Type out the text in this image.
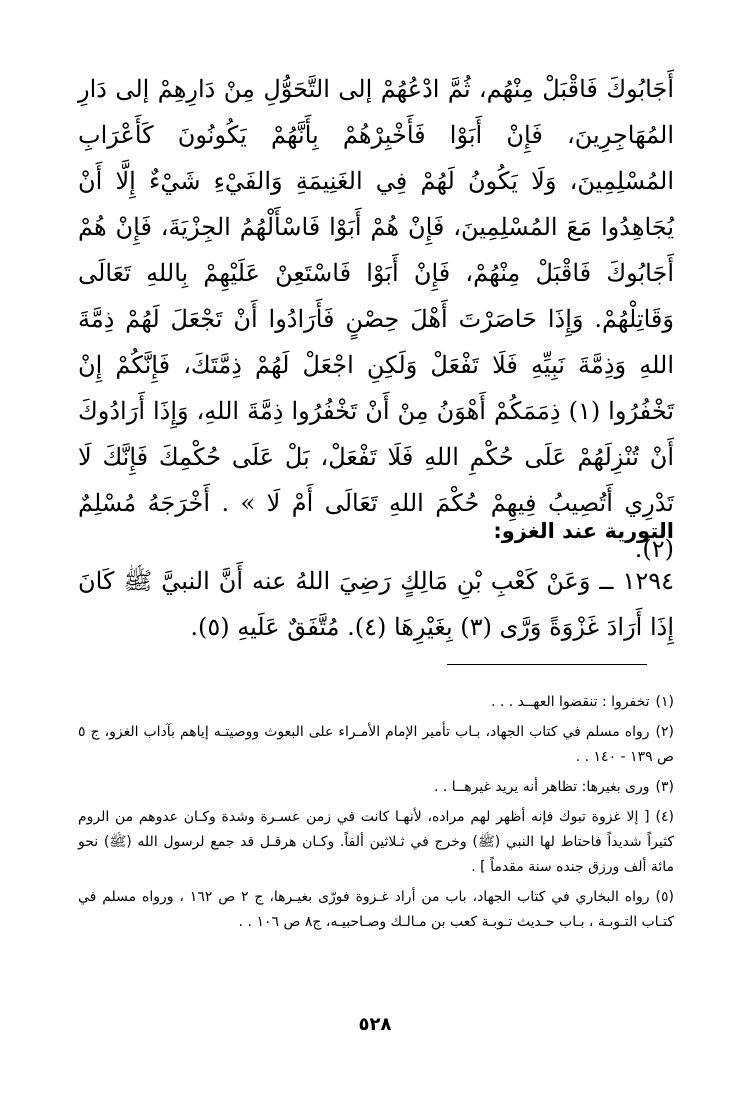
أَجَابُوكَ فَاقْبَلْ مِنْهُم، ثُمَّ ادْعُهُمْ إلى التَّحَوُّلِ مِنْ دَارِهِمْ إلى دَارِ المُهَاجِرِينَ، فَإِنْ أَبَوْا فَأَخْبِرْهُمْ بِأَنَّهُمْ يَكُونُونَ كَأَعْرَابِ المُسْلِمِينَ، وَلَا يَكُونُ لَهُمْ فِي الغَنِيمَةِ وَالفَيْءِ شَيْءٌ إِلَّا أَنْ يُجَاهِدُوا مَعَ المُسْلِمِينَ، فَإِنْ هُمْ أَبَوْا فَاسْأَلْهُمُ الجِزْيَةَ، فَإِنْ هُمْ أَجَابُوكَ فَاقْبَلْ مِنْهُمْ، فَإِنْ أَبَوْا فَاسْتَعِنْ عَلَيْهِمْ بِاللهِ تَعَالَى وَقَاتِلْهُمْ. وَإِذَا حَاصَرْتَ أَهْلَ حِصْنٍ فَأَرَادُوا أَنْ تَجْعَلَ لَهُمْ ذِمَّةَ اللهِ وَذِمَّةَ نَبِيِّهِ فَلَا تَفْعَلْ وَلَكِنِ اجْعَلْ لَهُمْ ذِمَّتَكَ، فَإِنَّكُمْ إِنْ تَخْفُرُوا (١) ذِمَمَكُمْ أَهْوَنُ مِنْ أَنْ تَخْفُرُوا ذِمَّةَ اللهِ، وَإِذَا أَرَادُوكَ أَنْ تُنْزِلَهُمْ عَلَى حُكْمِ اللهِ فَلَا تَفْعَلْ، بَلْ عَلَى حُكْمِكَ فَإِنَّكَ لَا تَدْرِي أَتُصِيبُ فِيهِمْ حُكْمَ اللهِ تَعَالَى أَمْ لَا » . أَخْرَجَهُ مُسْلِمٌ (٢).

التورية عند الغزو:

١٢٩٤ ــ وَعَنْ كَعْبِ بْنِ مَالِكٍ رَضِيَ اللهُ عنه أَنَّ النبيَّ ﷺ كَانَ إِذَا أَرَادَ غَزْوَةً وَرَّى (٣) بِغَيْرِهَا (٤). مُتَّفَقٌ عَلَيهِ (٥).

(١)تخفروا : تنقضوا العهــد . . .
(٢)رواه مسلم في كتاب الجهاد، بـاب تأمير الإمام الأمـراء على البعوث ووصيتـه إياهم بآداب الغزو، ج ٥ ص ١٣٩ - ١٤٠ . .
(٣)ورى بغيرها: تظاهر أنه يريد غيرهــا . .
(٤)[ إلا غزوة تبوك فإنه أظهر لهم مراده، لأنهـا كانت في زمن عسـرة وشدة وكـان عدوهم من الروم كثيراً شديداً فاحتاط لها النبي (ﷺ) وخرج في ثـلاثين ألفاً. وكـان هرقـل قد جمع لرسول الله (ﷺ) نحو مائة ألف ورزق جنده سنة مقدماً ] .
(٥)رواه البخاري في كتاب الجهاد، باب من أراد غـزوة فورّى بغيـرها، ج ٢ ص ١٦٢ ، ورواه مسلم في كتـاب التـوبـة ، بـاب حـديث تـوبـة كعب بن مـالـك وصـاحبيـه، ج٨ ص ١٠٦ . .
٥٢٨
